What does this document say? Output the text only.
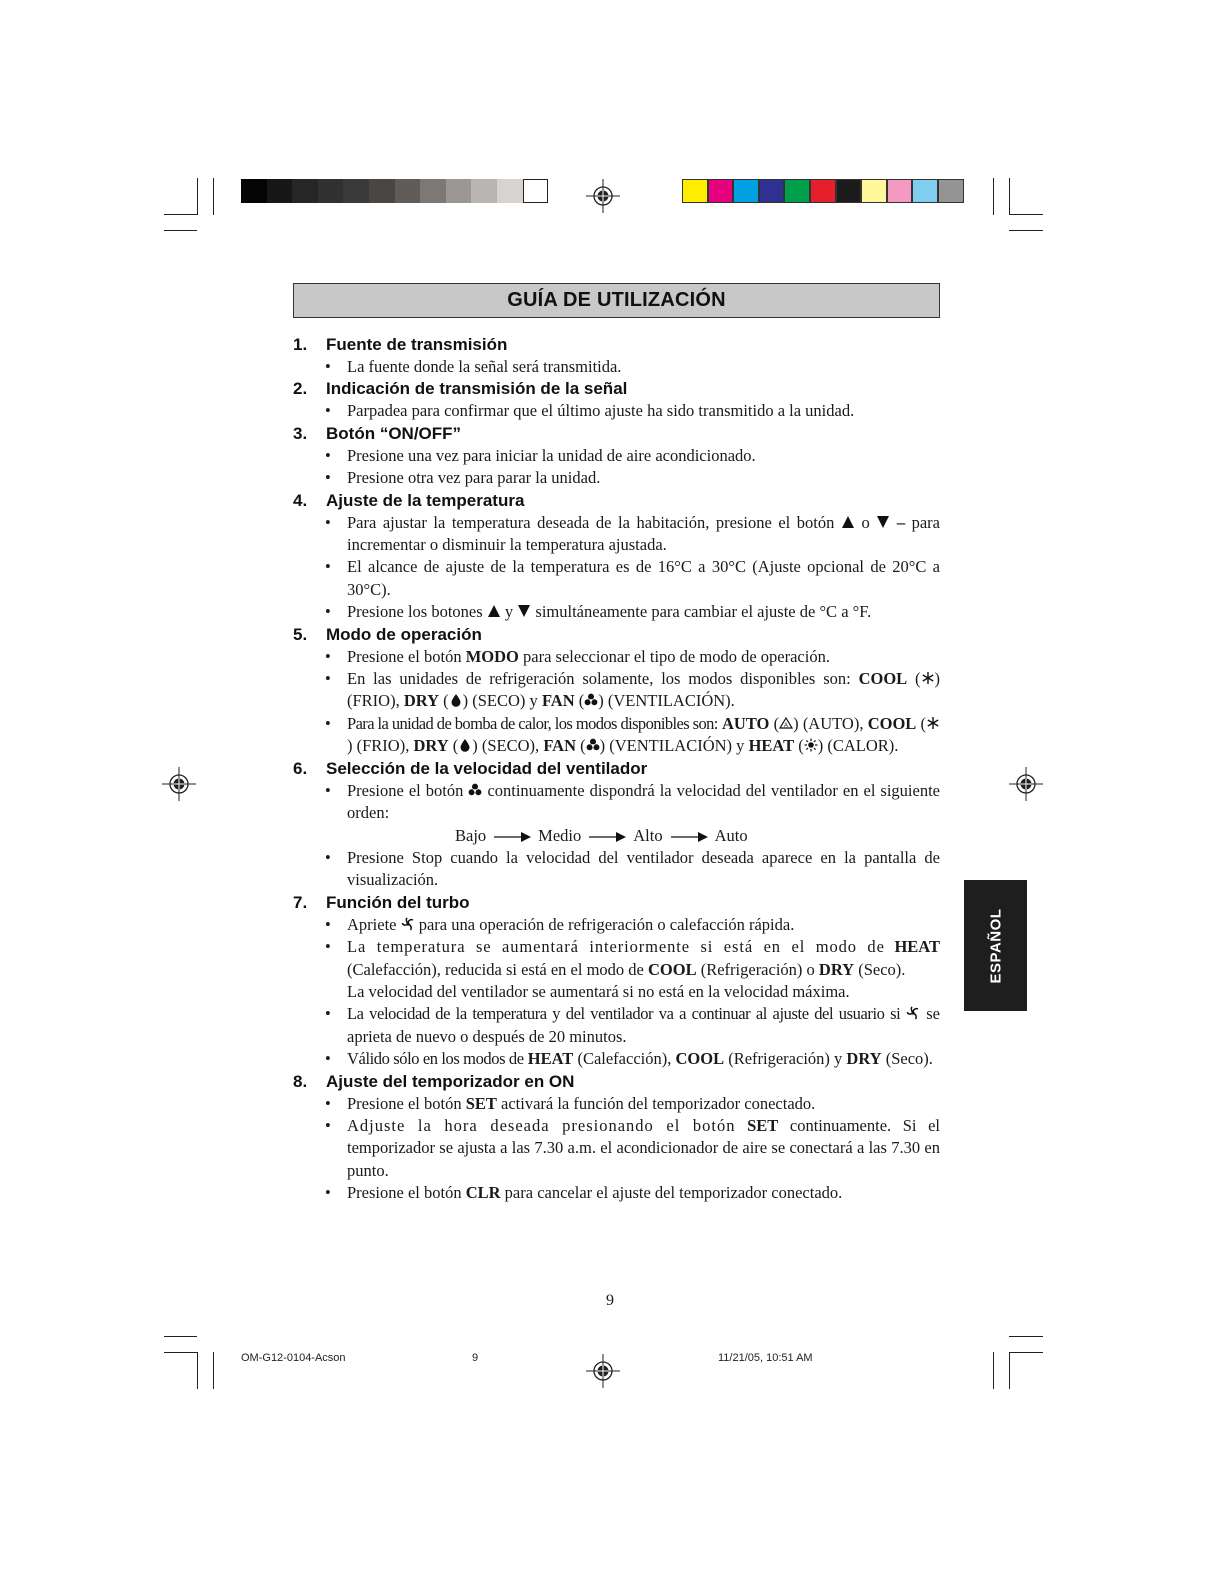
GUÍA DE UTILIZACIÓN
1. Fuente de transmisión
• La fuente donde la señal será transmitida.
2. Indicación de transmisión de la señal
• Parpadea para confirmar que el último ajuste ha sido transmitido a la unidad.
3. Botón “ON/OFF”
• Presione una vez para iniciar la unidad de aire acondicionado.
• Presione otra vez para parar la unidad.
4. Ajuste de la temperatura
• Para ajustar la temperatura deseada de la habitación, presione el botón o – para incrementar o disminuir la temperatura ajustada.
• El alcance de ajuste de la temperatura es de 16°C a 30°C (Ajuste opcional de 20°C a 30°C).
• Presione los botones y simultáneamente para cambiar el ajuste de °C a °F.
5. Modo de operación
• Presione el botón MODO para seleccionar el tipo de modo de operación.
• En las unidades de refrigeración solamente, los modos disponibles son: COOL ( ) (FRIO), DRY ( ) (SECO) y FAN ( ) (VENTILACIÓN).
• Para la unidad de bomba de calor, los modos disponibles son: AUTO ( A ) (AUTO), COOL () (FRIO), DRY ( ) (SECO), FAN ( ) (VENTILACIÓN) y HEAT ( ) (CALOR).
6. Selección de la velocidad del ventilador
• Presione el botón continuamente dispondrá la velocidad del ventilador en el siguiente orden:
Bajo	Medio	Alto	Auto
• Presione Stop cuando la velocidad del ventilador deseada aparece en la pantalla de visualización.
7. Función del turbo
• Apriete para una operación de refrigeración o calefacción rápida.
• La temperatura se aumentará interiormente si está en el modo de HEAT (Calefacción), reducida si está en el modo de COOL (Refrigeración) o DRY (Seco).
La velocidad del ventilador se aumentará si no está en la velocidad máxima.
• La velocidad de la temperatura y del ventilador va a continuar al ajuste del usuario si se aprieta de nuevo o después de 20 minutos.
• Válido sólo en los modos de HEAT (Calefacción), COOL (Refrigeración) y DRY (Seco).
8. Ajuste del temporizador en ON
• Presione el botón SET activará la función del temporizador conectado.
• Adjuste la hora deseada presionando el botón SET continuamente. Si el temporizador se ajusta a las 7.30 a.m. el acondicionador de aire se conectará a las 7.30 en punto.
• Presione el botón CLR para cancelar el ajuste del temporizador conectado.
9
ESPAÑOL
OM-G12-0104-Acson	9	11/21/05, 10:51 AM
